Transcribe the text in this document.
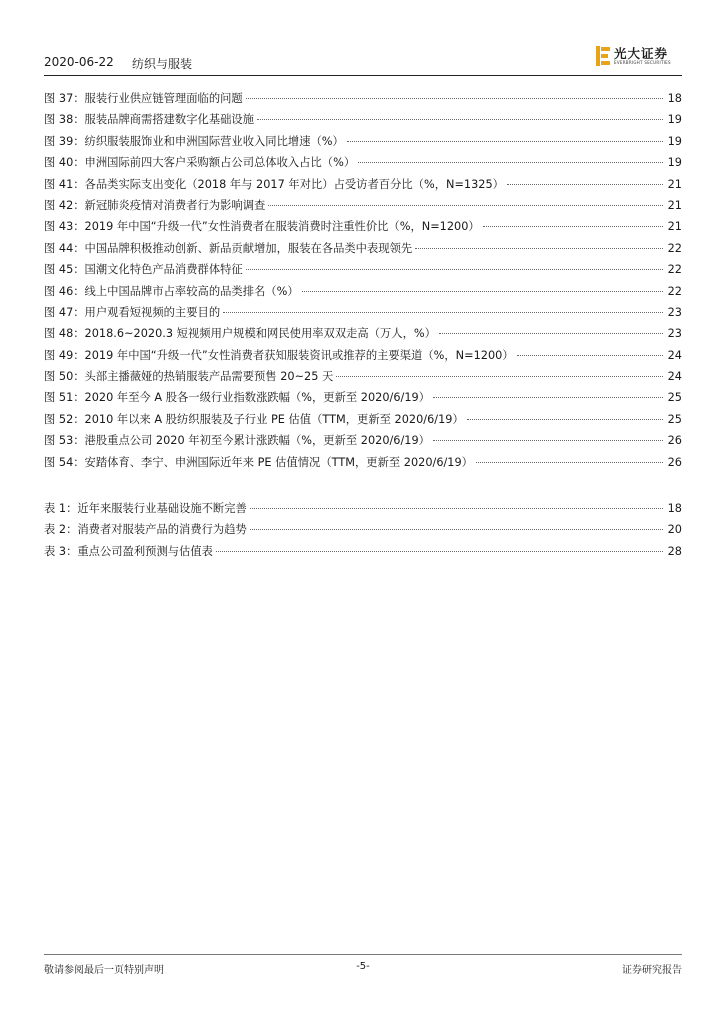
2020-06-22 纺织与服装
光大证券
EVERBRIGHT SECURITIES
图 37：服装行业供应链管理面临的问题	18
图 38：服装品牌商需搭建数字化基础设施	19
图 39：纺织服装服饰业和申洲国际营业收入同比增速（%）	19
图 40：申洲国际前四大客户采购额占公司总体收入占比（%）	19
图 41：各品类实际支出变化（2018 年与 2017 年对比）占受访者百分比（%，N=1325）	21
图 42：新冠肺炎疫情对消费者行为影响调查	21
图 43：2019 年中国“升级一代”女性消费者在服装消费时注重性价比（%，N=1200）	21
图 44：中国品牌积极推动创新、新品贡献增加，服装在各品类中表现领先	22
图 45：国潮文化特色产品消费群体特征	22
图 46：线上中国品牌市占率较高的品类排名（%）	22
图 47：用户观看短视频的主要目的	23
图 48：2018.6~2020.3 短视频用户规模和网民使用率双双走高（万人，%）	23
图 49：2019 年中国“升级一代”女性消费者获知服装资讯或推荐的主要渠道（%，N=1200）	24
图 50：头部主播薇娅的热销服装产品需要预售 20~25 天	24
图 51：2020 年至今 A 股各一级行业指数涨跌幅（%，更新至 2020/6/19）	25
图 52：2010 年以来 A 股纺织服装及子行业 PE 估值（TTM，更新至 2020/6/19）	25
图 53：港股重点公司 2020 年初至今累计涨跌幅（%，更新至 2020/6/19）	26
图 54：安踏体育、李宁、申洲国际近年来 PE 估值情况（TTM，更新至 2020/6/19）	26
表 1：近年来服装行业基础设施不断完善	18
表 2：消费者对服装产品的消费行为趋势	20
表 3：重点公司盈利预测与估值表	28
敬请参阅最后一页特别声明	-5-	证券研究报告
